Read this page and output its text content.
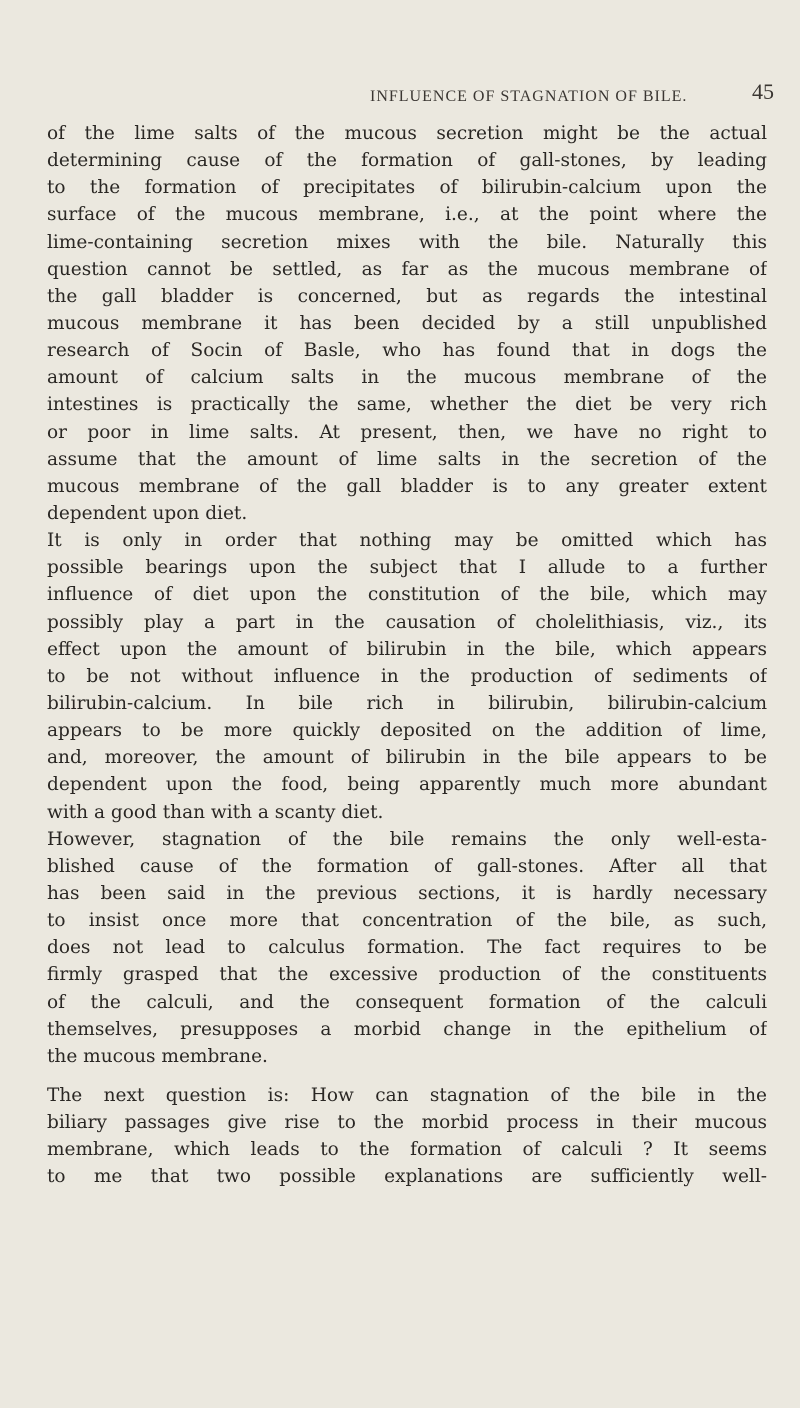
INFLUENCE OF STAGNATION OF BILE.	45
of the lime salts of the mucous secretion might be the actual
determining cause of the formation of gall-stones, by leading
to the formation of precipitates of bilirubin-calcium upon the
surface of the mucous membrane, i.e., at the point where the
lime-containing secretion mixes with the bile. Naturally this
question cannot be settled, as far as the mucous membrane of
the gall bladder is concerned, but as regards the intestinal
mucous membrane it has been decided by a still unpublished
research of Socin of Basle, who has found that in dogs the
amount of calcium salts in the mucous membrane of the
intestines is practically the same, whether the diet be very rich
or poor in lime salts. At present, then, we have no right to
assume that the amount of lime salts in the secretion of the
mucous membrane of the gall bladder is to any greater extent
dependent upon diet.
It is only in order that nothing may be omitted which has
possible bearings upon the subject that I allude to a further
influence of diet upon the constitution of the bile, which may
possibly play a part in the causation of cholelithiasis, viz., its
effect upon the amount of bilirubin in the bile, which appears
to be not without influence in the production of sediments of
bilirubin-calcium. In bile rich in bilirubin, bilirubin-calcium
appears to be more quickly deposited on the addition of lime,
and, moreover, the amount of bilirubin in the bile appears to be
dependent upon the food, being apparently much more abundant
with a good than with a scanty diet.
However, stagnation of the bile remains the only well-esta-
blished cause of the formation of gall-stones. After all that
has been said in the previous sections, it is hardly necessary
to insist once more that concentration of the bile, as such,
does not lead to calculus formation. The fact requires to be
firmly grasped that the excessive production of the constituents
of the calculi, and the consequent formation of the calculi
themselves, presupposes a morbid change in the epithelium of
the mucous membrane.
The next question is: How can stagnation of the bile in the
biliary passages give rise to the morbid process in their mucous
membrane, which leads to the formation of calculi ? It seems
to me that two possible explanations are sufficiently well-
